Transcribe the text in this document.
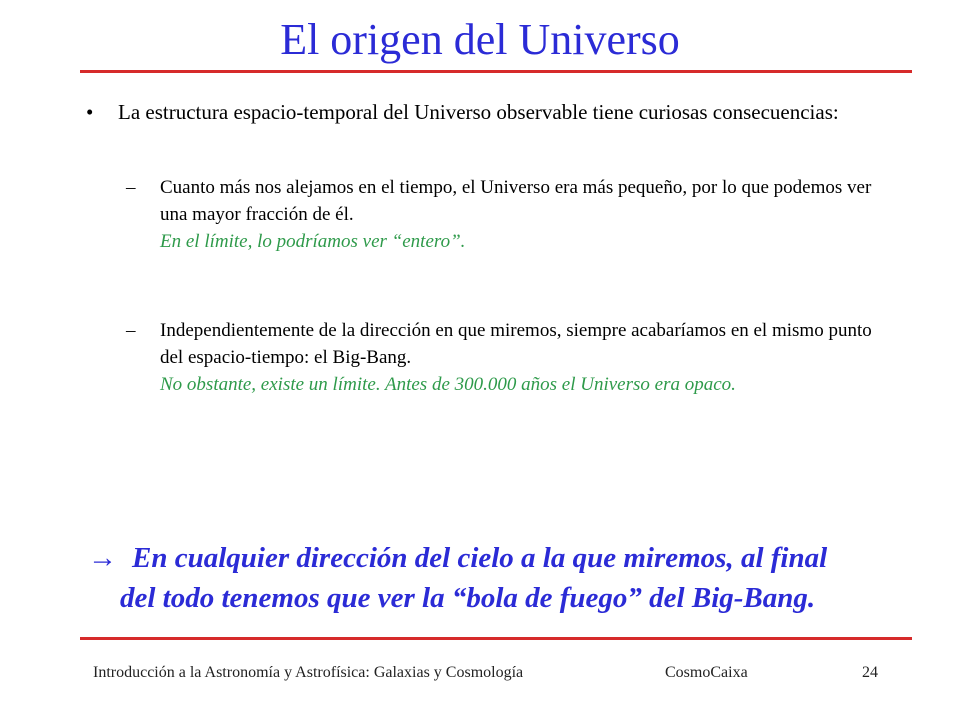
El origen del Universo
• La estructura espacio-temporal del Universo observable tiene curiosas consecuencias:
– Cuanto más nos alejamos en el tiempo, el Universo era más pequeño, por lo que podemos ver una mayor fracción de él.
En el límite, lo podríamos ver “entero”.
– Independientemente de la dirección en que miremos, siempre acabaríamos en el mismo punto del espacio-tiempo: el Big-Bang.
No obstante, existe un límite. Antes de 300.000 años el Universo era opaco.
→ En cualquier dirección del cielo a la que miremos, al final
del todo tenemos que ver la “bola de fuego” del Big-Bang.
Introducción a la Astronomía y Astrofísica: Galaxias y Cosmología	CosmoCaixa	24
